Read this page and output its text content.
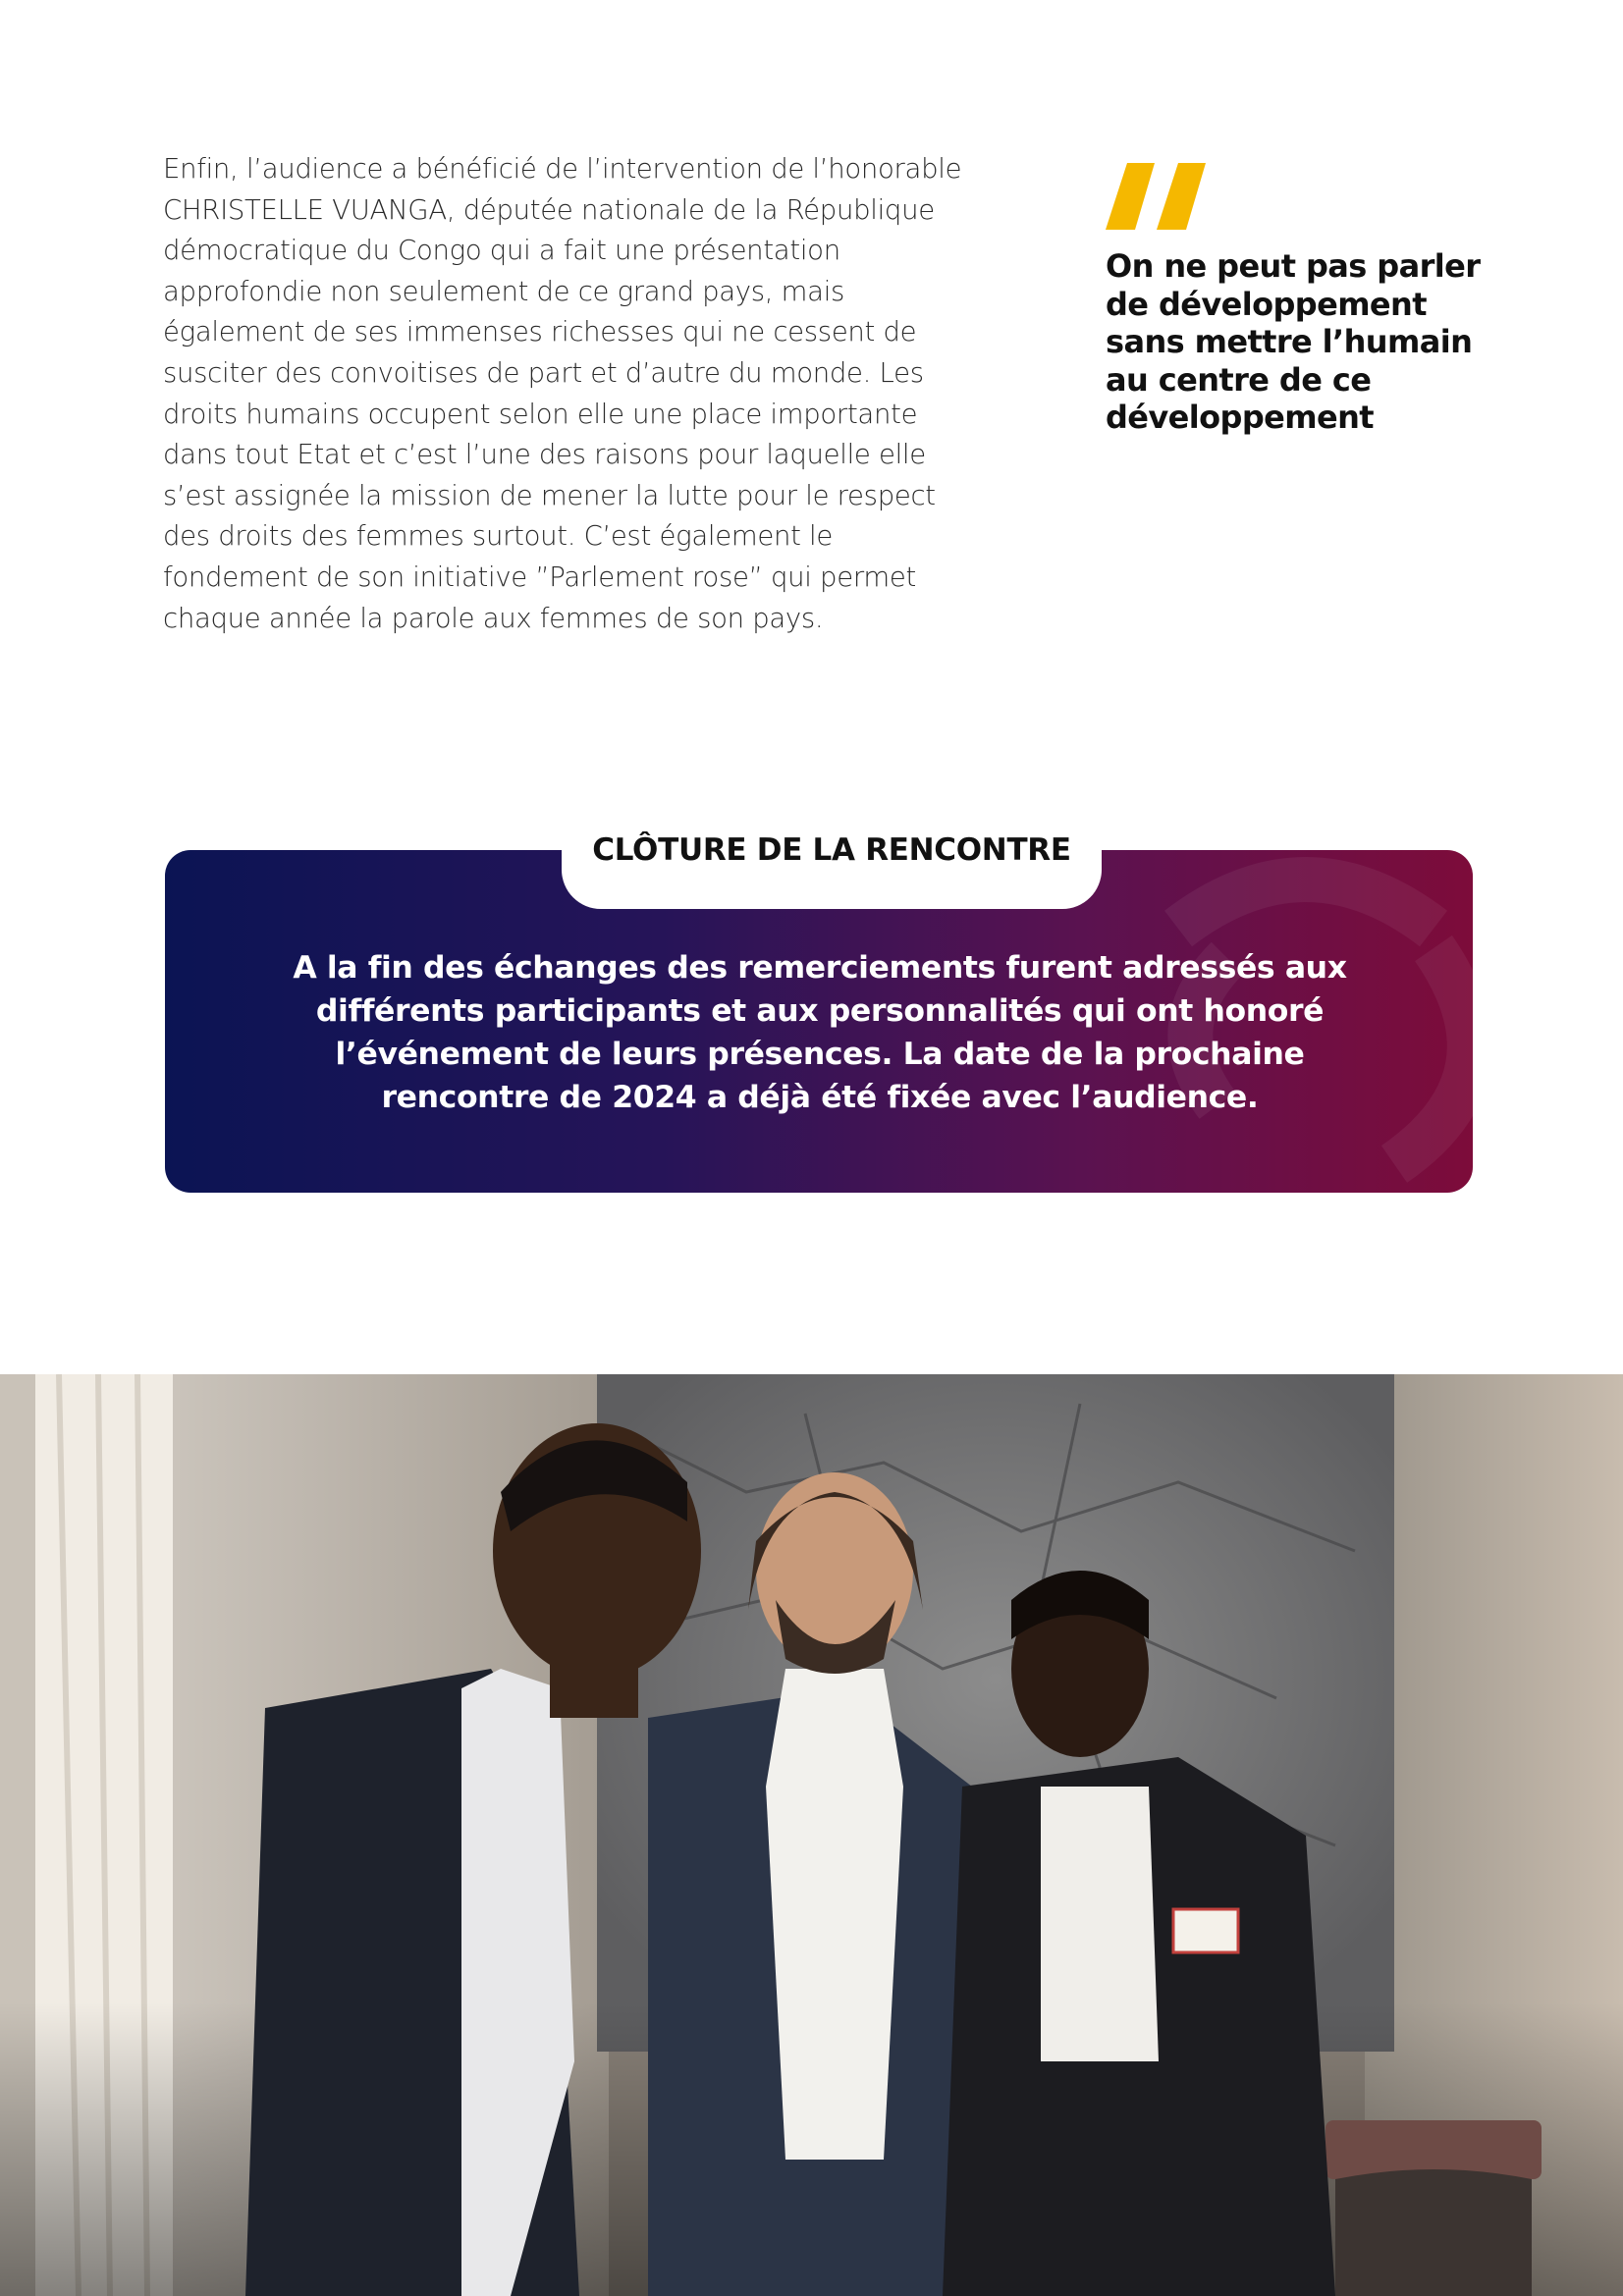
Enfin, l’audience a bénéficié de l’intervention de l’honorable CHRISTELLE VUANGA, députée nationale de la République démocratique du Congo qui a fait une présentation approfondie non seulement de ce grand pays, mais également de ses immenses richesses qui ne cessent de susciter des convoitises de part et d’autre du monde. Les droits humains occupent selon elle une place importante dans tout Etat et c’est l’une des raisons pour laquelle elle s’est assignée la mission de mener la lutte pour le respect des droits des femmes surtout. C’est également le fondement de son initiative ”Parlement rose” qui permet chaque année la parole aux femmes de son pays.

On ne peut pas parler de développement sans mettre l’humain au centre de ce développement

CLÔTURE DE LA RENCONTRE

A la fin des échanges des remerciements furent adressés aux différents participants et aux personnalités qui ont honoré l’événement de leurs présences. La date de la prochaine rencontre de 2024 a déjà été fixée avec l’audience.
